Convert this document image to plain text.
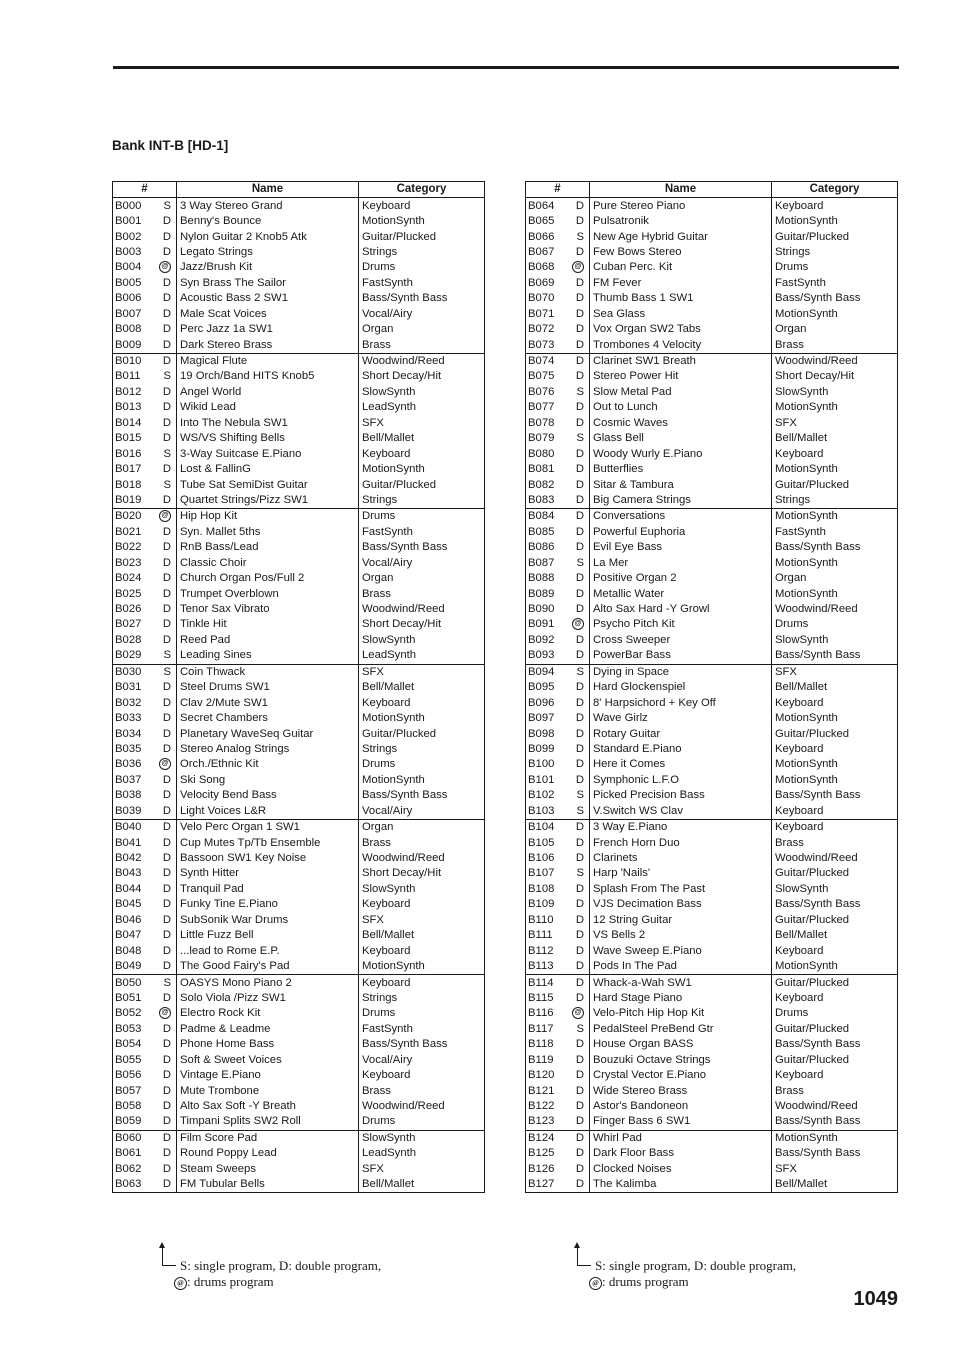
Bank INT-B [HD-1]
#		Name	Category
B000	S	3 Way Stereo Grand	Keyboard
B001	D	Benny's Bounce	MotionSynth
B002	D	Nylon Guitar 2 Knob5 Atk	Guitar/Plucked
B003	D	Legato Strings	Strings
B004	@	Jazz/Brush Kit	Drums
B005	D	Syn Brass The Sailor	FastSynth
B006	D	Acoustic Bass 2 SW1	Bass/Synth Bass
B007	D	Male Scat Voices	Vocal/Airy
B008	D	Perc Jazz 1a SW1	Organ
B009	D	Dark Stereo Brass	Brass
B010	D	Magical Flute	Woodwind/Reed
B011	S	19 Orch/Band HITS Knob5	Short Decay/Hit
B012	D	Angel World	SlowSynth
B013	D	Wikid Lead	LeadSynth
B014	D	Into The Nebula SW1	SFX
B015	D	WS/VS Shifting Bells	Bell/Mallet
B016	S	3-Way Suitcase E.Piano	Keyboard
B017	D	Lost & FallinG	MotionSynth
B018	S	Tube Sat SemiDist Guitar	Guitar/Plucked
B019	D	Quartet Strings/Pizz SW1	Strings
B020	@	Hip Hop Kit	Drums
B021	D	Syn. Mallet 5ths	FastSynth
B022	D	RnB Bass/Lead	Bass/Synth Bass
B023	D	Classic Choir	Vocal/Airy
B024	D	Church Organ Pos/Full 2	Organ
B025	D	Trumpet Overblown	Brass
B026	D	Tenor Sax Vibrato	Woodwind/Reed
B027	D	Tinkle Hit	Short Decay/Hit
B028	D	Reed Pad	SlowSynth
B029	S	Leading Sines	LeadSynth
B030	S	Coin Thwack	SFX
B031	D	Steel Drums SW1	Bell/Mallet
B032	D	Clav 2/Mute SW1	Keyboard
B033	D	Secret Chambers	MotionSynth
B034	D	Planetary WaveSeq Guitar	Guitar/Plucked
B035	D	Stereo Analog Strings	Strings
B036	@	Orch./Ethnic Kit	Drums
B037	D	Ski Song	MotionSynth
B038	D	Velocity Bend Bass	Bass/Synth Bass
B039	D	Light Voices L&R	Vocal/Airy
B040	D	Velo Perc Organ 1 SW1	Organ
B041	D	Cup Mutes Tp/Tb Ensemble	Brass
B042	D	Bassoon SW1 Key Noise	Woodwind/Reed
B043	D	Synth Hitter	Short Decay/Hit
B044	D	Tranquil Pad	SlowSynth
B045	D	Funky Tine E.Piano	Keyboard
B046	D	SubSonik War Drums	SFX
B047	D	Little Fuzz Bell	Bell/Mallet
B048	D	...lead to Rome E.P.	Keyboard
B049	D	The Good Fairy's Pad	MotionSynth
B050	S	OASYS Mono Piano 2	Keyboard
B051	D	Solo Viola /Pizz SW1	Strings
B052	@	Electro Rock Kit	Drums
B053	D	Padme & Leadme	FastSynth
B054	D	Phone Home Bass	Bass/Synth Bass
B055	D	Soft & Sweet Voices	Vocal/Airy
B056	D	Vintage E.Piano	Keyboard
B057	D	Mute Trombone	Brass
B058	D	Alto Sax Soft -Y Breath	Woodwind/Reed
B059	D	Timpani Splits SW2 Roll	Drums
B060	D	Film Score Pad	SlowSynth
B061	D	Round Poppy Lead	LeadSynth
B062	D	Steam Sweeps	SFX
B063	D	FM Tubular Bells	Bell/Mallet
#		Name	Category
B064	D	Pure Stereo Piano	Keyboard
B065	D	Pulsatronik	MotionSynth
B066	S	New Age Hybrid Guitar	Guitar/Plucked
B067	D	Few Bows Stereo	Strings
B068	@	Cuban Perc. Kit	Drums
B069	D	FM Fever	FastSynth
B070	D	Thumb Bass 1 SW1	Bass/Synth Bass
B071	D	Sea Glass	MotionSynth
B072	D	Vox Organ SW2 Tabs	Organ
B073	D	Trombones 4 Velocity	Brass
B074	D	Clarinet SW1 Breath	Woodwind/Reed
B075	D	Stereo Power Hit	Short Decay/Hit
B076	S	Slow Metal Pad	SlowSynth
B077	D	Out to Lunch	MotionSynth
B078	D	Cosmic Waves	SFX
B079	S	Glass Bell	Bell/Mallet
B080	D	Woody Wurly E.Piano	Keyboard
B081	D	Butterflies	MotionSynth
B082	D	Sitar & Tambura	Guitar/Plucked
B083	D	Big Camera Strings	Strings
B084	D	Conversations	MotionSynth
B085	D	Powerful Euphoria	FastSynth
B086	D	Evil Eye Bass	Bass/Synth Bass
B087	S	La Mer	MotionSynth
B088	D	Positive Organ 2	Organ
B089	D	Metallic Water	MotionSynth
B090	D	Alto Sax Hard -Y Growl	Woodwind/Reed
B091	@	Psycho Pitch Kit	Drums
B092	D	Cross Sweeper	SlowSynth
B093	D	PowerBar Bass	Bass/Synth Bass
B094	S	Dying in Space	SFX
B095	D	Hard Glockenspiel	Bell/Mallet
B096	D	8' Harpsichord + Key Off	Keyboard
B097	D	Wave Girlz	MotionSynth
B098	D	Rotary Guitar	Guitar/Plucked
B099	D	Standard E.Piano	Keyboard
B100	D	Here it Comes	MotionSynth
B101	D	Symphonic L.F.O	MotionSynth
B102	S	Picked Precision Bass	Bass/Synth Bass
B103	S	V.Switch WS Clav	Keyboard
B104	D	3 Way E.Piano	Keyboard
B105	D	French Horn Duo	Brass
B106	D	Clarinets	Woodwind/Reed
B107	S	Harp 'Nails'	Guitar/Plucked
B108	D	Splash From The Past	SlowSynth
B109	D	VJS Decimation Bass	Bass/Synth Bass
B110	D	12 String Guitar	Guitar/Plucked
B111	D	VS Bells 2	Bell/Mallet
B112	D	Wave Sweep E.Piano	Keyboard
B113	D	Pods In The Pad	MotionSynth
B114	D	Whack-a-Wah SW1	Guitar/Plucked
B115	D	Hard Stage Piano	Keyboard
B116	@	Velo-Pitch Hip Hop Kit	Drums
B117	S	PedalSteel PreBend Gtr	Guitar/Plucked
B118	D	House Organ BASS	Bass/Synth Bass
B119	D	Bouzuki Octave Strings	Guitar/Plucked
B120	D	Crystal Vector E.Piano	Keyboard
B121	D	Wide Stereo Brass	Brass
B122	D	Astor's Bandoneon	Woodwind/Reed
B123	D	Finger Bass 6 SW1	Bass/Synth Bass
B124	D	Whirl Pad	MotionSynth
B125	D	Dark Floor Bass	Bass/Synth Bass
B126	D	Clocked Noises	SFX
B127	D	The Kalimba	Bell/Mallet
S: single program, D: double program,
@ : drums program
S: single program, D: double program,
@ : drums program
1049
